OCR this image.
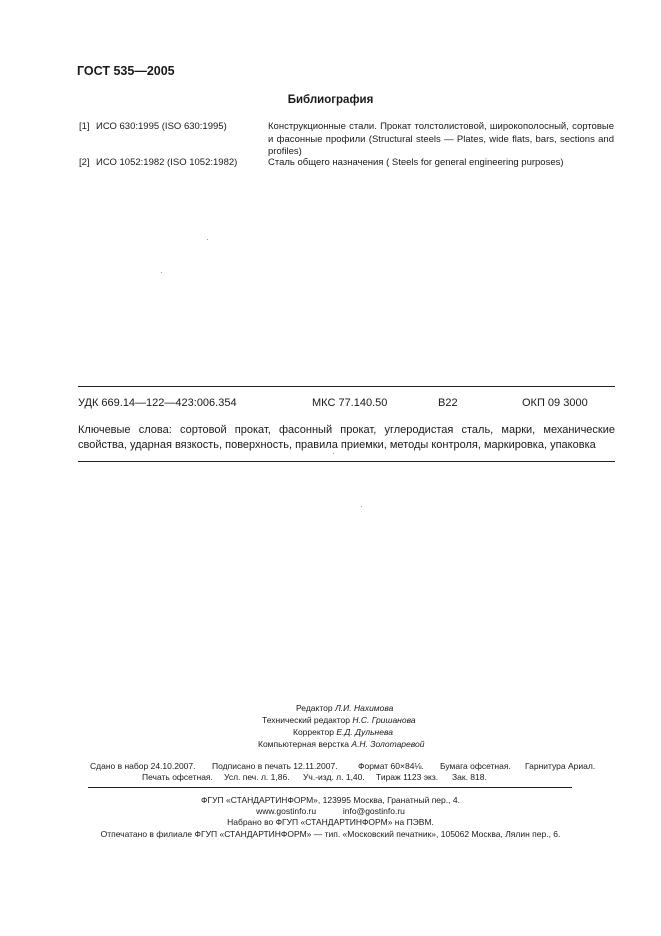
ГОСТ 535—2005
Библиография
[1] ИСО 630:1995 (ISO 630:1995)	Конструкционные стали. Прокат толстолистовой, широкополосный, сортовые и фасонные профили (Structural steels — Plates, wide flats, bars, sections and profiles)
[2] ИСО 1052:1982 (ISO 1052:1982)	Сталь общего назначения ( Steels for general engineering purposes)
УДК 669.14—122—423:006.354	МКС 77.140.50	В22	ОКП 09 3000
Ключевые слова: сортовой прокат, фасонный прокат, углеродистая сталь, марки, механические свойства, ударная вязкость, поверхность, правила приемки, методы контроля, маркировка, упаковка
Редактор Л.И. Нахимова
Технический редактор Н.С. Гришанова
Корректор Е.Д. Дульнева
Компьютерная верстка А.Н. Золотаревой
Сдано в набор 24.10.2007. Подписано в печать 12.11.2007. Формат 60×84⅛. Бумага офсетная. Гарнитура Ариал.
Печать офсетная. Усл. печ. л. 1,86. Уч.-изд. л. 1,40. Тираж 1123 экз. Зак. 818.
ФГУП «СТАНДАРТИНФОРМ», 123995 Москва, Гранатный пер., 4.
www.gostinfo.ru	info@gostinfo.ru
Набрано во ФГУП «СТАНДАРТИНФОРМ» на ПЭВМ.
Отпечатано в филиале ФГУП «СТАНДАРТИНФОРМ» — тип. «Московский печатник», 105062 Москва, Лялин пер., 6.
